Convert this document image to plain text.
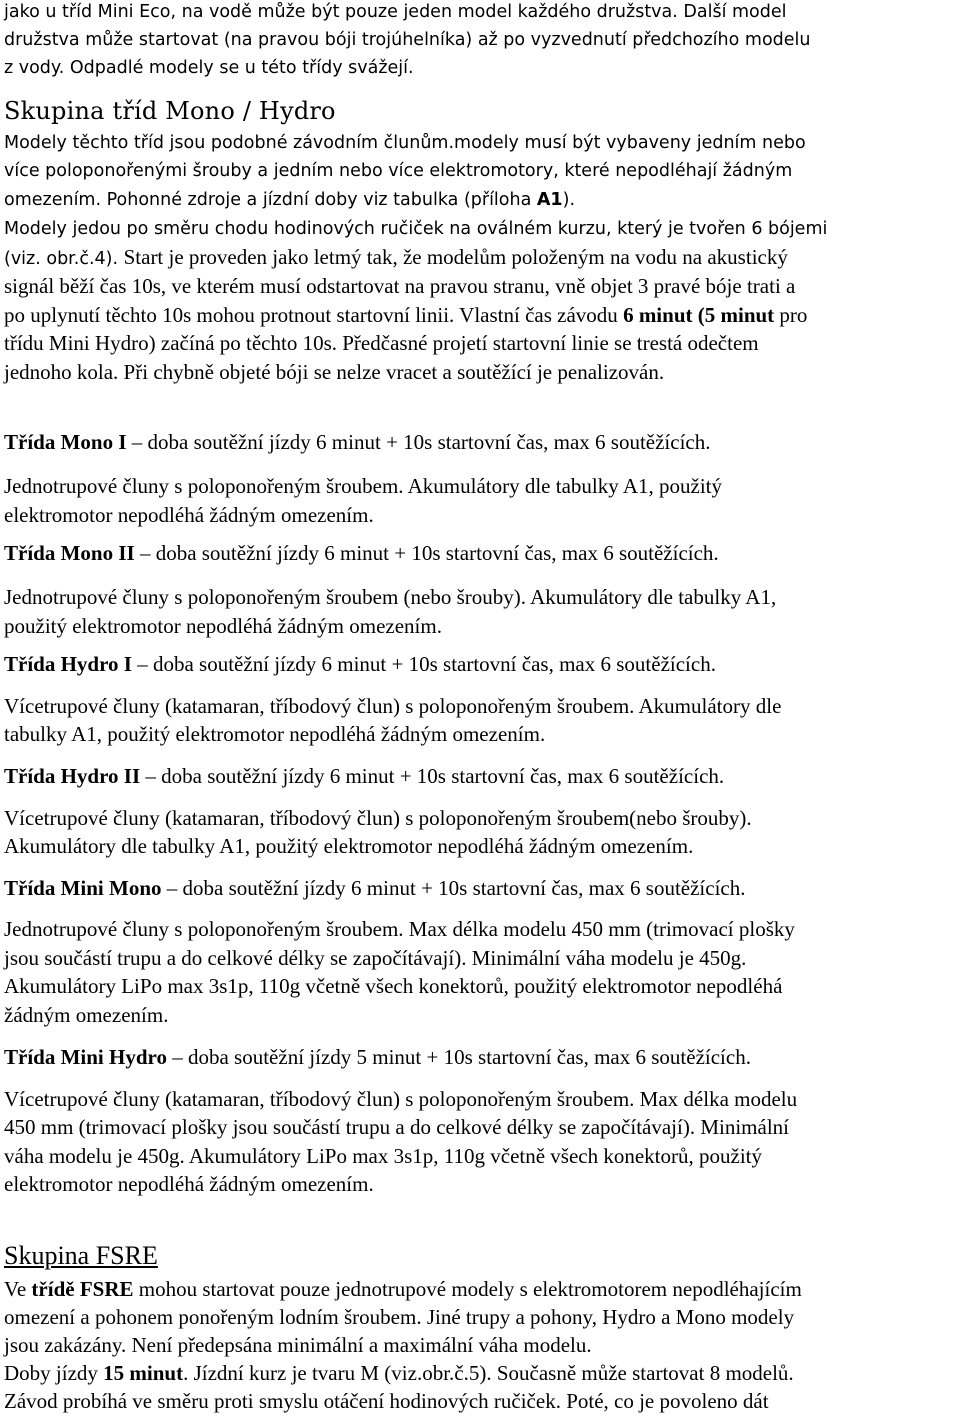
jako u tříd Mini Eco, na vodě může být pouze jeden model každého družstva. Další model
družstva může startovat (na pravou bóji trojúhelníka) až po vyzvednutí předchozího modelu
z vody. Odpadlé modely se u této třídy svážejí.
Skupina tříd Mono / Hydro
Modely těchto tříd jsou podobné závodním člunům.modely musí být vybaveny jedním nebo
více poloponořenými šrouby a jedním nebo více elektromotory, které nepodléhají žádným
omezením. Pohonné zdroje a jízdní doby viz tabulka (příloha A1).
Modely jedou po směru chodu hodinových ručiček na oválném kurzu, který je tvořen 6 bójemi
(viz. obr.č.4). Start je proveden jako letmý tak, že modelům položeným na vodu na akustický
signál běží čas 10s, ve kterém musí odstartovat na pravou stranu, vně objet 3 pravé bóje trati a
po uplynutí těchto 10s mohou protnout startovní linii. Vlastní čas závodu 6 minut (5 minut pro
třídu Mini Hydro) začíná po těchto 10s. Předčasné projetí startovní linie se trestá odečtem
jednoho kola. Při chybně objeté bóji se nelze vracet a soutěžící je penalizován.
Třída Mono I – doba soutěžní jízdy 6 minut + 10s startovní čas, max 6 soutěžících.
Jednotrupové čluny s poloponořeným šroubem. Akumulátory dle tabulky A1, použitý
elektromotor nepodléhá žádným omezením.
Třída Mono II – doba soutěžní jízdy 6 minut + 10s startovní čas, max 6 soutěžících.
Jednotrupové čluny s poloponořeným šroubem (nebo šrouby). Akumulátory dle tabulky A1,
použitý elektromotor nepodléhá žádným omezením.
Třída Hydro I – doba soutěžní jízdy 6 minut + 10s startovní čas, max 6 soutěžících.
Vícetrupové čluny (katamaran, tříbodový člun) s poloponořeným šroubem. Akumulátory dle
tabulky A1, použitý elektromotor nepodléhá žádným omezením.
Třída Hydro II – doba soutěžní jízdy 6 minut + 10s startovní čas, max 6 soutěžících.
Vícetrupové čluny (katamaran, tříbodový člun) s poloponořeným šroubem(nebo šrouby).
Akumulátory dle tabulky A1, použitý elektromotor nepodléhá žádným omezením.
Třída Mini Mono – doba soutěžní jízdy 6 minut + 10s startovní čas, max 6 soutěžících.
Jednotrupové čluny s poloponořeným šroubem. Max délka modelu 450 mm (trimovací plošky
jsou součástí trupu a do celkové délky se započítávají). Minimální váha modelu je 450g.
Akumulátory LiPo max 3s1p, 110g včetně všech konektorů, použitý elektromotor nepodléhá
žádným omezením.
Třída Mini Hydro – doba soutěžní jízdy 5 minut + 10s startovní čas, max 6 soutěžících.
Vícetrupové čluny (katamaran, tříbodový člun) s poloponořeným šroubem. Max délka modelu
450 mm (trimovací plošky jsou součástí trupu a do celkové délky se započítávají). Minimální
váha modelu je 450g. Akumulátory LiPo max 3s1p, 110g včetně všech konektorů, použitý
elektromotor nepodléhá žádným omezením.
Skupina FSRE
Ve třídě FSRE mohou startovat pouze jednotrupové modely s elektromotorem nepodléhajícím
omezení a pohonem ponořeným lodním šroubem. Jiné trupy a pohony, Hydro a Mono modely
jsou zakázány. Není předepsána minimální a maximální váha modelu.
Doby jízdy 15 minut. Jízdní kurz je tvaru M (viz.obr.č.5). Současně může startovat 8 modelů.
Závod probíhá ve směru proti smyslu otáčení hodinových ručiček. Poté, co je povoleno dát
